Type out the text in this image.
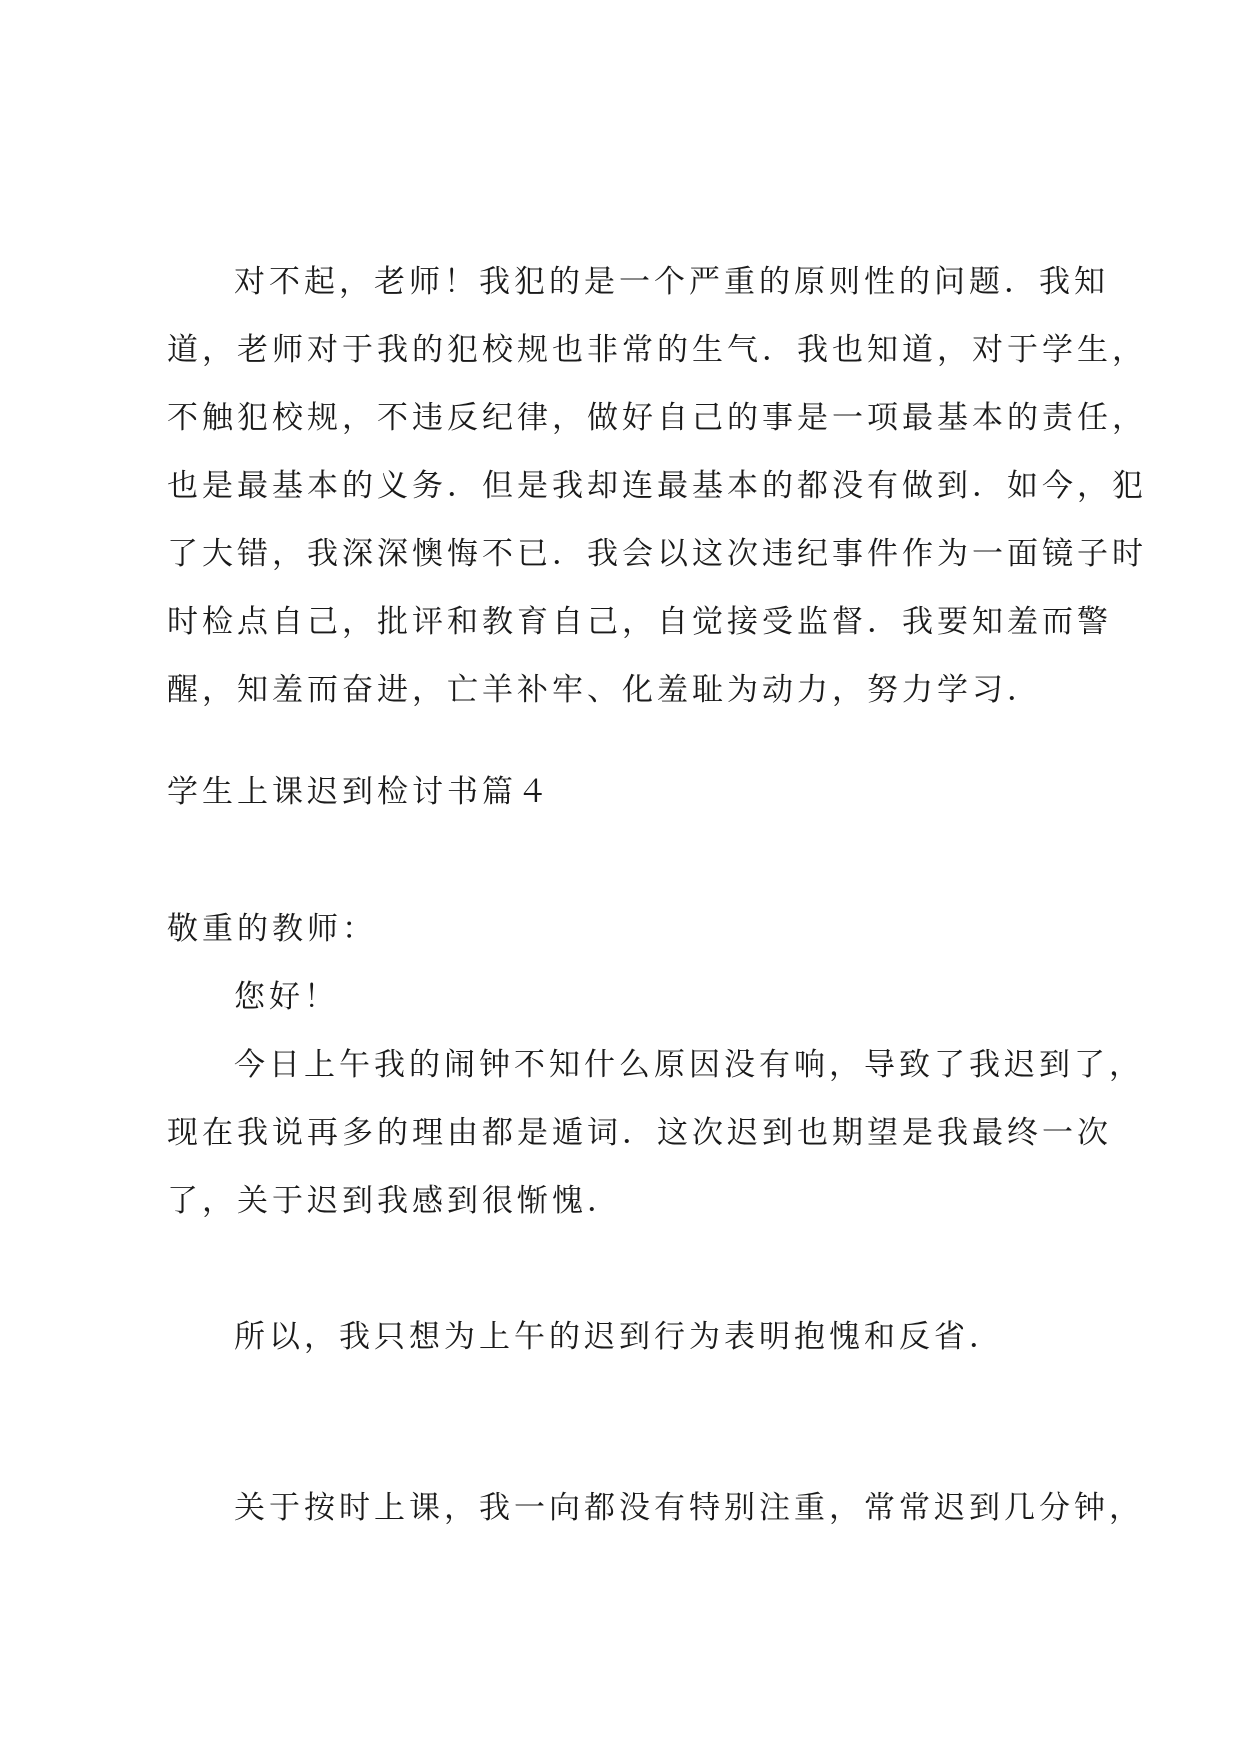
对不起，老师！我犯的是一个严重的原则性的问题．我知
道，老师对于我的犯校规也非常的生气．我也知道，对于学生，
不触犯校规，不违反纪律，做好自己的事是一项最基本的责任，
也是最基本的义务．但是我却连最基本的都没有做到．如今，犯
了大错，我深深懊悔不已．我会以这次违纪事件作为一面镜子时
时检点自己，批评和教育自己，自觉接受监督．我要知羞而警
醒，知羞而奋进，亡羊补牢、化羞耻为动力，努力学习．
学生上课迟到检讨书篇４
敬重的教师：
您好！
今日上午我的闹钟不知什么原因没有响，导致了我迟到了，
现在我说再多的理由都是遁词．这次迟到也期望是我最终一次
了，关于迟到我感到很惭愧．
所以，我只想为上午的迟到行为表明抱愧和反省．
关于按时上课，我一向都没有特别注重，常常迟到几分钟，
